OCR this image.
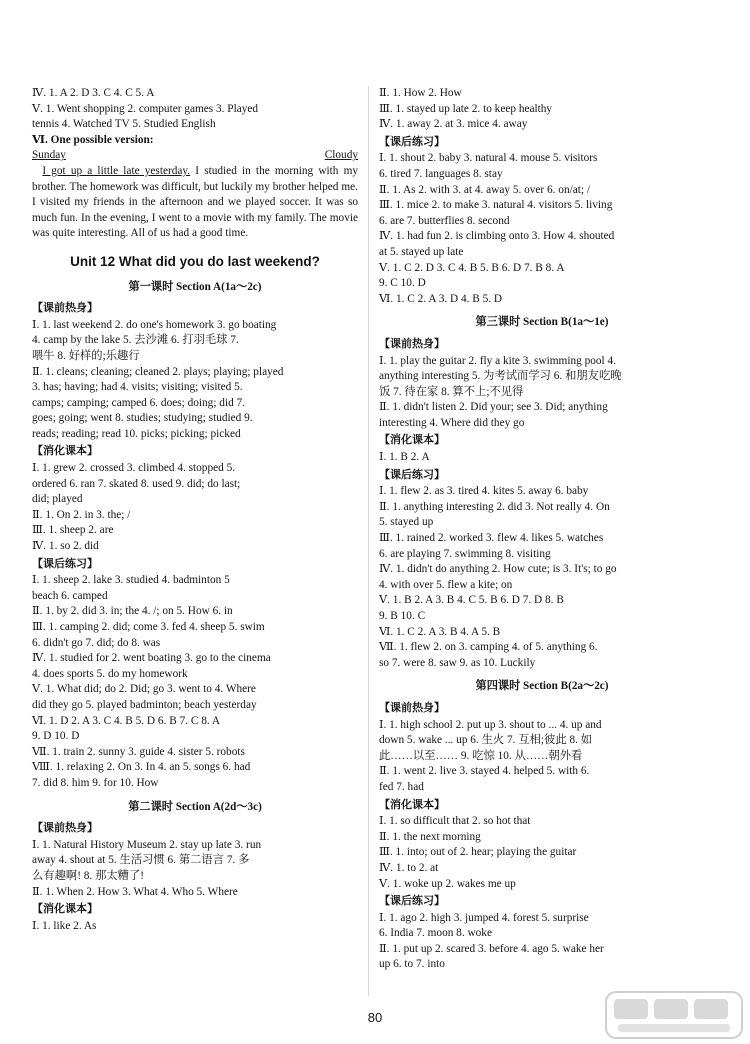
Ⅳ. 1. A 2. D 3. C 4. C 5. A
Ⅴ. 1. Went shopping 2. computer games 3. Played
tennis 4. Watched TV 5. Studied English
Ⅵ. One possible version:
Sunday	Cloudy
I got up a little late yesterday. I studied in the morning with my brother. The homework was difficult, but luckily my brother helped me. I visited my friends in the afternoon and we played soccer. It was so much fun. In the evening, I went to a movie with my family. The movie was quite interesting. All of us had a good time.
Unit 12 What did you do last weekend?
第一课时 Section A(1a～2c)
【课前热身】
Ⅰ. 1. last weekend 2. do one's homework 3. go boating
4. camp by the lake 5. 去沙滩 6. 打羽毛球 7.
喂牛 8. 好样的;乐趣行
Ⅱ. 1. cleans; cleaning; cleaned 2. plays; playing; played
3. has; having; had 4. visits; visiting; visited 5.
camps; camping; camped 6. does; doing; did 7.
goes; going; went 8. studies; studying; studied 9.
reads; reading; read 10. picks; picking; picked
【消化课本】
Ⅰ. 1. grew 2. crossed 3. climbed 4. stopped 5.
ordered 6. ran 7. skated 8. used 9. did; do last;
did; played
Ⅱ. 1. On 2. in 3. the; /
Ⅲ. 1. sheep 2. are
Ⅳ. 1. so 2. did
【课后练习】
Ⅰ. 1. sheep 2. lake 3. studied 4. badminton 5
beach 6. camped
Ⅱ. 1. by 2. did 3. in; the 4. /; on 5. How 6. in
Ⅲ. 1. camping 2. did; come 3. fed 4. sheep 5. swim
6. didn't go 7. did; do 8. was
Ⅳ. 1. studied for 2. went boating 3. go to the cinema
4. does sports 5. do my homework
Ⅴ. 1. What did; do 2. Did; go 3. went to 4. Where
did they go 5. played badminton; beach yesterday
Ⅵ. 1. D 2. A 3. C 4. B 5. D 6. B 7. C 8. A
9. D 10. D
Ⅶ. 1. train 2. sunny 3. guide 4. sister 5. robots
Ⅷ. 1. relaxing 2. On 3. In 4. an 5. songs 6. had
7. did 8. him 9. for 10. How
第二课时 Section A(2d～3c)
【课前热身】
Ⅰ. 1. Natural History Museum 2. stay up late 3. run
away 4. shout at 5. 生活习惯 6. 第二语言 7. 多
么有趣啊! 8. 那太糟了!
Ⅱ. 1. When 2. How 3. What 4. Who 5. Where
【消化课本】
Ⅰ. 1. like 2. As
Ⅱ. 1. How 2. How
Ⅲ. 1. stayed up late 2. to keep healthy
Ⅳ. 1. away 2. at 3. mice 4. away
【课后练习】
Ⅰ. 1. shout 2. baby 3. natural 4. mouse 5. visitors
6. tired 7. languages 8. stay
Ⅱ. 1. As 2. with 3. at 4. away 5. over 6. on/at; /
Ⅲ. 1. mice 2. to make 3. natural 4. visitors 5. living
6. are 7. butterflies 8. second
Ⅳ. 1. had fun 2. is climbing onto 3. How 4. shouted
at 5. stayed up late
Ⅴ. 1. C 2. D 3. C 4. B 5. B 6. D 7. B 8. A
9. C 10. D
Ⅵ. 1. C 2. A 3. D 4. B 5. D
第三课时 Section B(1a～1e)
【课前热身】
Ⅰ. 1. play the guitar 2. fly a kite 3. swimming pool 4.
anything interesting 5. 为考试而学习 6. 和朋友吃晚
饭 7. 待在家 8. 算不上;不见得
Ⅱ. 1. didn't listen 2. Did your; see 3. Did; anything
interesting 4. Where did they go
【消化课本】
Ⅰ. 1. B 2. A
【课后练习】
Ⅰ. 1. flew 2. as 3. tired 4. kites 5. away 6. baby
Ⅱ. 1. anything interesting 2. did 3. Not really 4. On
5. stayed up
Ⅲ. 1. rained 2. worked 3. flew 4. likes 5. watches
6. are playing 7. swimming 8. visiting
Ⅳ. 1. didn't do anything 2. How cute; is 3. It's; to go
4. with over 5. flew a kite; on
Ⅴ. 1. B 2. A 3. B 4. C 5. B 6. D 7. D 8. B
9. B 10. C
Ⅵ. 1. C 2. A 3. B 4. A 5. B
Ⅶ. 1. flew 2. on 3. camping 4. of 5. anything 6.
so 7. were 8. saw 9. as 10. Luckily
第四课时 Section B(2a～2c)
【课前热身】
Ⅰ. 1. high school 2. put up 3. shout to ... 4. up and
down 5. wake ... up 6. 生火 7. 互相;彼此 8. 如
此……以至…… 9. 吃惊 10. 从……朝外看
Ⅱ. 1. went 2. live 3. stayed 4. helped 5. with 6.
fed 7. had
【消化课本】
Ⅰ. 1. so difficult that 2. so hot that
Ⅱ. 1. the next morning
Ⅲ. 1. into; out of 2. hear; playing the guitar
Ⅳ. 1. to 2. at
Ⅴ. 1. woke up 2. wakes me up
【课后练习】
Ⅰ. 1. ago 2. high 3. jumped 4. forest 5. surprise
6. India 7. moon 8. woke
Ⅱ. 1. put up 2. scared 3. before 4. ago 5. wake her
up 6. to 7. into
80
